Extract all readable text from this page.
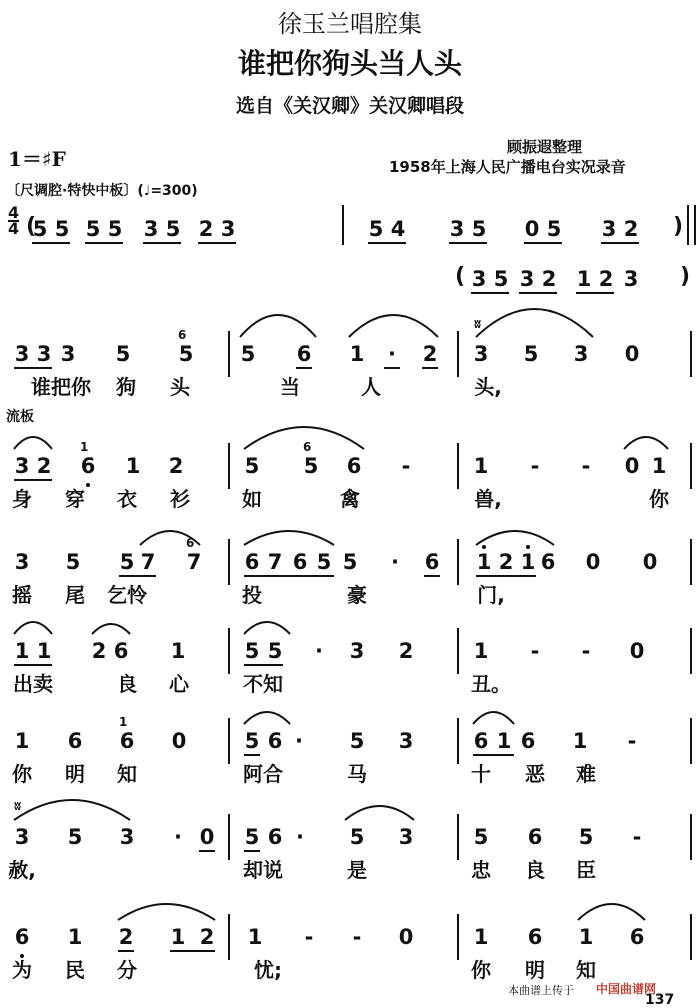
徐玉兰唱腔集
谁把你狗头当人头
选自《关汉卿》关汉卿唱段
1＝♯F	顾振遐整理
1958年上海人民广播电台实况录音
〔尺调腔·特快中板〕(♩=300)
4
4
流板
(
5 5 5 5 3 5 2 3	5 4 3 5 0 5 3 2 )
( 3 5 3 2 1 2 3 )
3 3 3 5 5
6
谁把你 狗 头
5 6 1 · 2
当	人
3 5 3 0
头,
3 2 6
1
1 2
身 穿 衣 衫
5 5
6
6 -
如	禽
1 - - 0 1
兽,	你
3 5 5 7 7
6
摇 尾 乞怜
6 7 6 5 5 · 6
投	豪
1 2 1 6 0 0
门,
1 1 2 6 1
出卖	良 心
5 5 · 3 2
不知
1 - - 0
丑。
1 6 6
1
0
你 明 知
5 6 · 5 3
阿合	马
6 1 6 1 -
十 恶 难
3 5 3 · 0
赦,
5 6 · 5 3
却说	是
5 6 5 -
忠 良 臣
6 1 2 1 2
为 民 分
1 - - 0
忧;
1 6 1 6
你 明 知
ʬ
ʬ
本曲谱上传于 中国曲谱网
137
